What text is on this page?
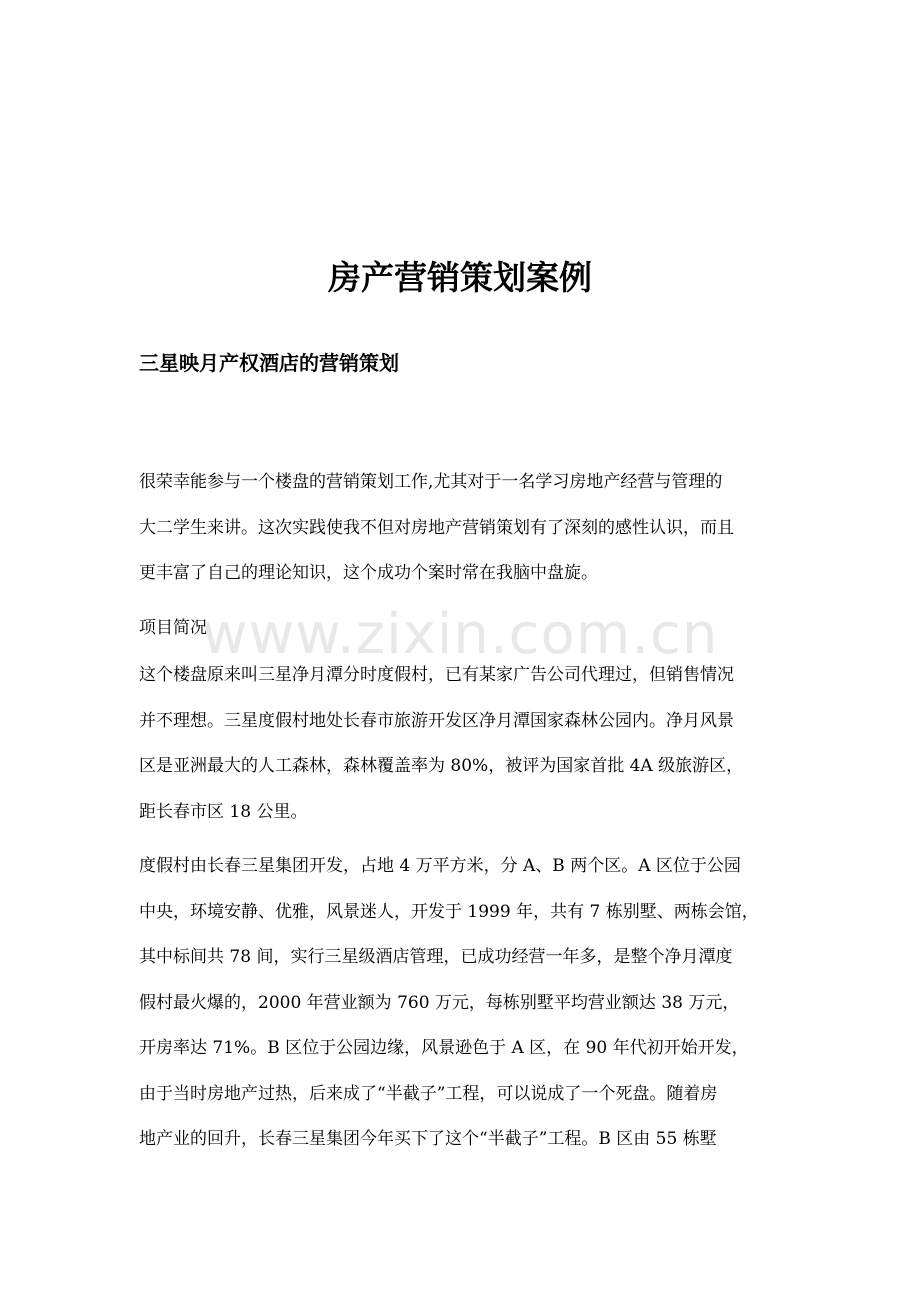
房产营销策划案例
三星映月产权酒店的营销策划
很荣幸能参与一个楼盘的营销策划工作,尤其对于一名学习房地产经营与管理的
大二学生来讲。这次实践使我不但对房地产营销策划有了深刻的感性认识，而且
更丰富了自己的理论知识，这个成功个案时常在我脑中盘旋。
项目简况
这个楼盘原来叫三星净月潭分时度假村，已有某家广告公司代理过，但销售情况
并不理想。三星度假村地处长春市旅游开发区净月潭国家森林公园内。净月风景
区是亚洲最大的人工森林，森林覆盖率为 80%，被评为国家首批 4A 级旅游区，
距长春市区 18 公里。
度假村由长春三星集团开发，占地 4 万平方米，分 A、B 两个区。A 区位于公园
中央，环境安静、优雅，风景迷人，开发于 1999 年，共有 7 栋别墅、两栋会馆，
其中标间共 78 间，实行三星级酒店管理，已成功经营一年多，是整个净月潭度
假村最火爆的，2000 年营业额为 760 万元，每栋别墅平均营业额达 38 万元，
开房率达 71%。B 区位于公园边缘，风景逊色于 A 区，在 90 年代初开始开发，
由于当时房地产过热，后来成了“半截子”工程，可以说成了一个死盘。随着房
地产业的回升，长春三星集团今年买下了这个“半截子”工程。B 区由 55 栋墅
www.zixin.com.cn
